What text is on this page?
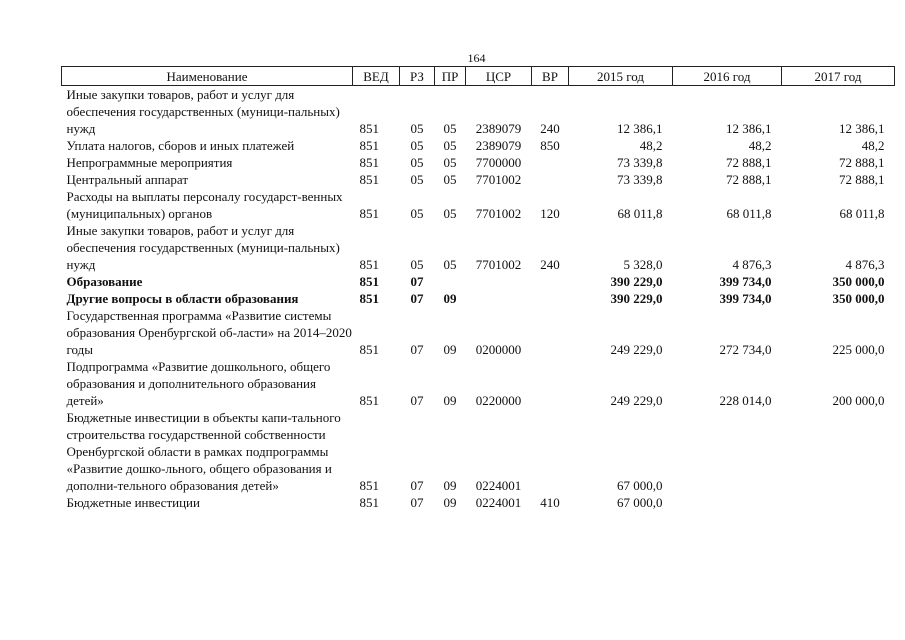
164
Наименование	ВЕД	РЗ	ПР	ЦСР	ВР	2015 год	2016 год	2017 год
Иные закупки товаров, работ и услуг для обеспечения государственных (муници-пальных) нужд	851	05	05	2389079	240	12 386,1	12 386,1	12 386,1
Уплата налогов, сборов и иных платежей	851	05	05	2389079	850	48,2	48,2	48,2
Непрограммные мероприятия	851	05	05	7700000		73 339,8	72 888,1	72 888,1
Центральный аппарат	851	05	05	7701002		73 339,8	72 888,1	72 888,1
Расходы на выплаты персоналу государст-венных (муниципальных) органов	851	05	05	7701002	120	68 011,8	68 011,8	68 011,8
Иные закупки товаров, работ и услуг для обеспечения государственных (муници-пальных) нужд	851	05	05	7701002	240	5 328,0	4 876,3	4 876,3
Образование	851	07				390 229,0	399 734,0	350 000,0
Другие вопросы в области образования	851	07	09			390 229,0	399 734,0	350 000,0
Государственная программа «Развитие системы образования Оренбургской об-ласти» на 2014–2020 годы	851	07	09	0200000		249 229,0	272 734,0	225 000,0
Подпрограмма «Развитие дошкольного, общего образования и дополнительного образования детей»	851	07	09	0220000		249 229,0	228 014,0	200 000,0
Бюджетные инвестиции в объекты капи-тального строительства государственной собственности Оренбургской области в рамках подпрограммы «Развитие дошко-льного, общего образования и дополни-тельного образования детей»	851	07	09	0224001		67 000,0		
Бюджетные инвестиции	851	07	09	0224001	410	67 000,0		
